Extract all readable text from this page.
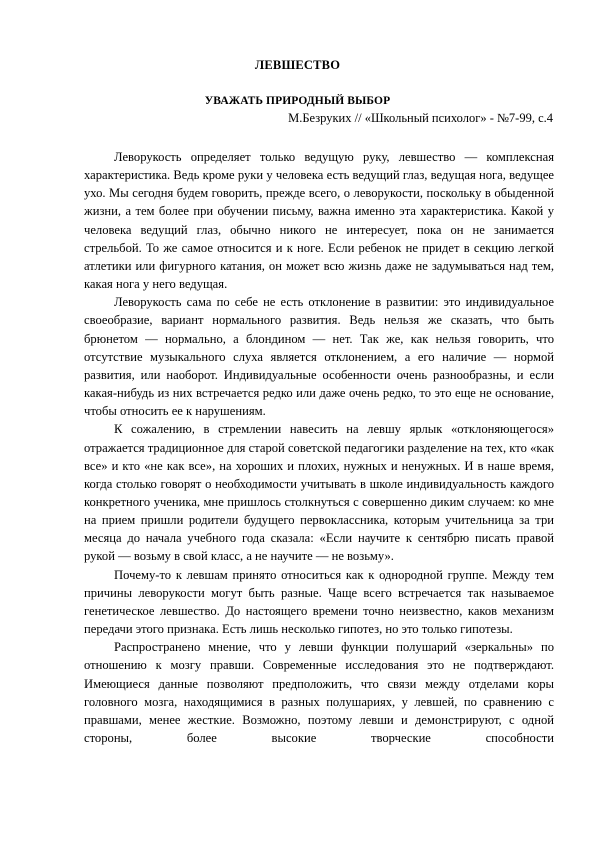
ЛЕВШЕСТВО
УВАЖАТЬ ПРИРОДНЫЙ ВЫБОР
М.Безруких // «Школьный психолог» - №7-99, с.4

Леворукость определяет только ведущую руку, левшество — комплексная характеристика. Ведь кроме руки у человека есть ведущий глаз, ведущая нога, ведущее ухо. Мы сегодня будем говорить, прежде всего, о леворукости, поскольку в обыденной жизни, а тем более при обучении письму, важна именно эта характеристика. Какой у человека ведущий глаз, обычно никого не интересует, пока он не занимается стрельбой. То же самое относится и к ноге. Если ребенок не придет в секцию легкой атлетики или фигурного катания, он может всю жизнь даже не задумываться над тем, какая нога у него ведущая.

Леворукость сама по себе не есть отклонение в развитии: это индивидуальное своеобразие, вариант нормального развития. Ведь нельзя же сказать, что быть брюнетом — нормально, а блондином — нет. Так же, как нельзя говорить, что отсутствие музыкального слуха является отклонением, а его наличие — нормой развития, или наоборот. Индивидуальные особенности очень разнообразны, и если какая-нибудь из них встречается редко или даже очень редко, то это еще не основание, чтобы относить ее к нарушениям.

К сожалению, в стремлении навесить на левшу ярлык «отклоняющегося» отражается традиционное для старой советской педагогики разделение на тех, кто «как все» и кто «не как все», на хороших и плохих, нужных и ненужных. И в наше время, когда столько говорят о необходимости учитывать в школе индивидуальность каждого конкретного ученика, мне пришлось столкнуться с совершенно диким случаем: ко мне на прием пришли родители будущего первоклассника, которым учительница за три месяца до начала учебного года сказала: «Если научите к сентябрю писать правой рукой — возьму в свой класс, а не научите — не возьму».

Почему-то к левшам принято относиться как к однородной группе. Между тем

причины леворукости могут быть разные. Чаще всего встречается так называемое генетическое левшество. До настоящего времени точно неизвестно, каков механизм передачи этого признака. Есть лишь несколько гипотез, но это только гипотезы.

Распространено мнение, что у левши функции полушарий «зеркальны» по отношению к мозгу правши. Современные исследования это не подтверждают. Имеющиеся данные позволяют предположить, что связи между отделами коры головного мозга, находящимися в разных полушариях, у левшей, по сравнению с правшами, менее жесткие. Возможно, поэтому левши и демонстрируют, с одной стороны, более высокие творческие способности
